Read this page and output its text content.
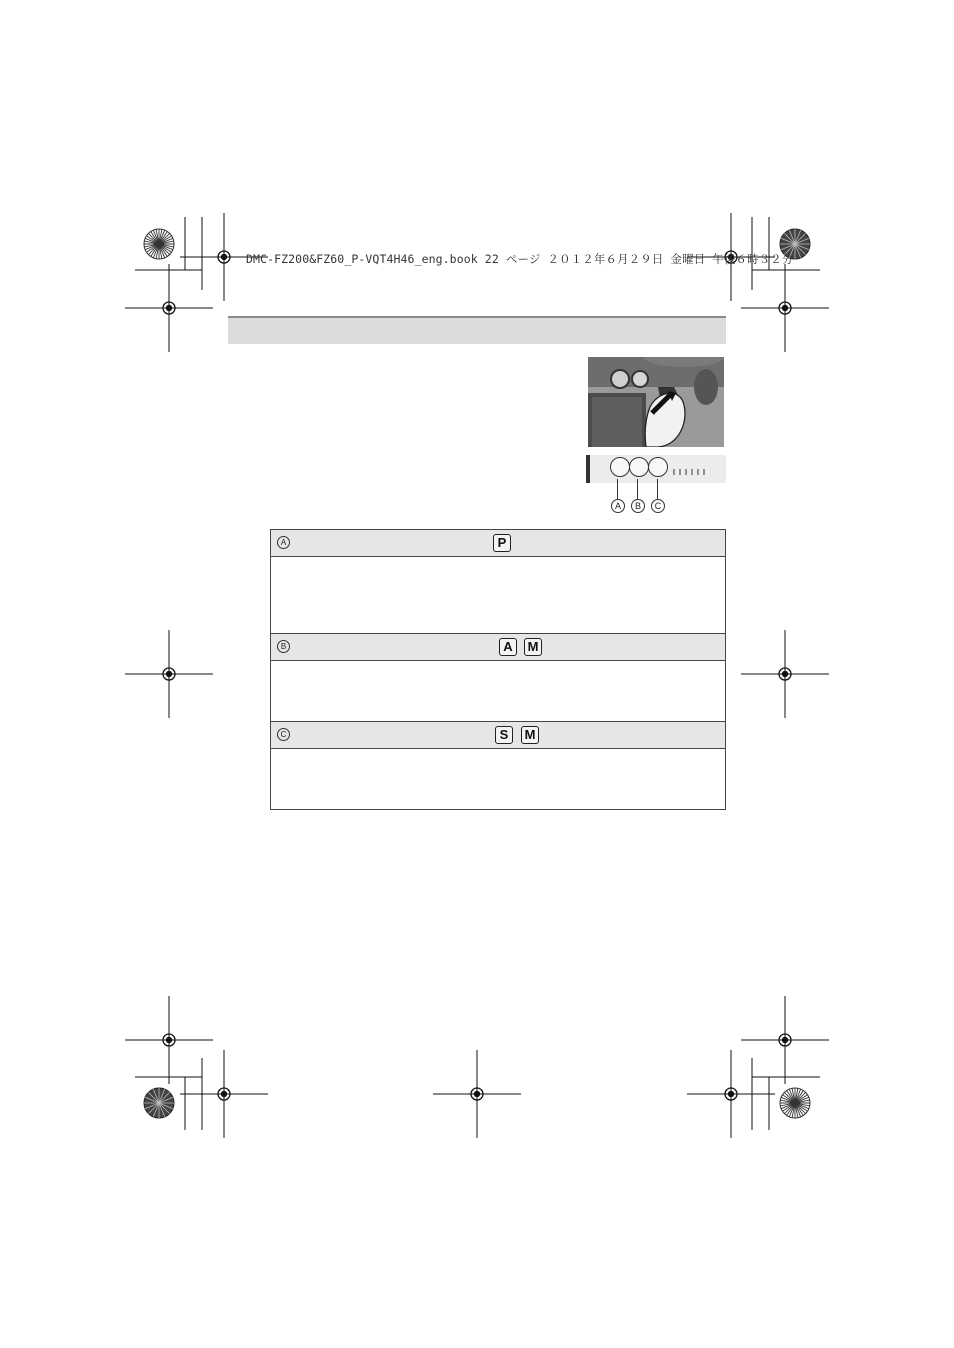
DMC-FZ200&FZ60_P-VQT4H46_eng.book 22 ページ ２０１２年６月２９日 金曜日 午後６時３２分
A	B	C
A	P
B	A	M
C	S	M
